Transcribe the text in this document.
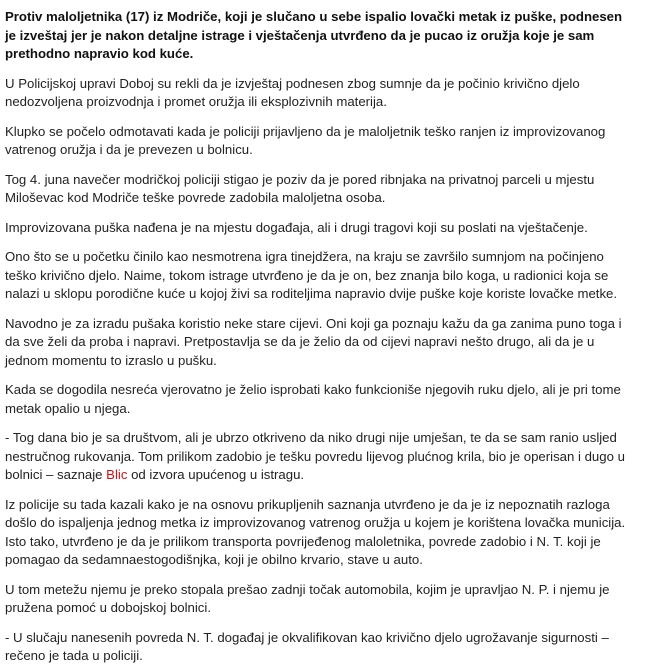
Protiv maloljetnika (17) iz Modriče, koji je slučano u sebe ispalio lovački metak iz puške, podnesen je izveštaj jer je nakon detaljne istrage i vještačenja utvrđeno da je pucao iz oružja koje je sam prethodno napravio kod kuće.

U Policijskoj upravi Doboj su rekli da je izvještaj podnesen zbog sumnje da je počinio krivično djelo nedozvoljena proizvodnja i promet oružja ili eksplozivnih materija.

Klupko se počelo odmotavati kada je policiji prijavljeno da je maloljetnik teško ranjen iz improvizovanog vatrenog oružja i da je prevezen u bolnicu.

Tog 4. juna navečer modričkoj policiji stigao je poziv da je pored ribnjaka na privatnoj parceli u mjestu Miloševac kod Modriče teške povrede zadobila maloljetna osoba.

Improvizovana puška nađena je na mjestu događaja, ali i drugi tragovi koji su poslati na vještačenje.

Ono što se u početku činilo kao nesmotrena igra tinejdžera, na kraju se završilo sumnjom na počinjeno teško krivično djelo. Naime, tokom istrage utvrđeno je da je on, bez znanja bilo koga, u radionici koja se nalazi u sklopu porodične kuće u kojoj živi sa roditeljima napravio dvije puške koje koriste lovačke metke.

Navodno je za izradu pušaka koristio neke stare cijevi. Oni koji ga poznaju kažu da ga zanima puno toga i da sve želi da proba i napravi. Pretpostavlja se da je želio da od cijevi napravi nešto drugo, ali da je u jednom momentu to izraslo u pušku.

Kada se dogodila nesreća vjerovatno je želio isprobati kako funkcioniše njegovih ruku djelo, ali je pri tome metak opalio u njega.

- Tog dana bio je sa društvom, ali je ubrzo otkriveno da niko drugi nije umješan, te da se sam ranio usljed nestručnog rukovanja. Tom prilikom zadobio je tešku povredu lijevog plućnog krila, bio je operisan i dugo u bolnici – saznaje Blic od izvora upućenog u istragu.

Iz policije su tada kazali kako je na osnovu prikupljenih saznanja utvrđeno je da je iz nepoznatih razloga došlo do ispaljenja jednog metka iz improvizovanog vatrenog oružja u kojem je korištena lovačka municija. Isto tako, utvrđeno je da je prilikom transporta povrijeđenog maloletnika, povrede zadobio i N. T. koji je pomagao da sedamnaestogodišnjka, koji je obilno krvario, stave u auto.

U tom metežu njemu je preko stopala prešao zadnji točak automobila, kojim je upravljao N. P. i njemu je pružena pomoć u dobojskoj bolnici.

- U slučaju nanesenih povreda N. T. događaj je okvalifikovan kao krivično djelo ugrožavanje sigurnosti – rečeno je tada u policiji.
